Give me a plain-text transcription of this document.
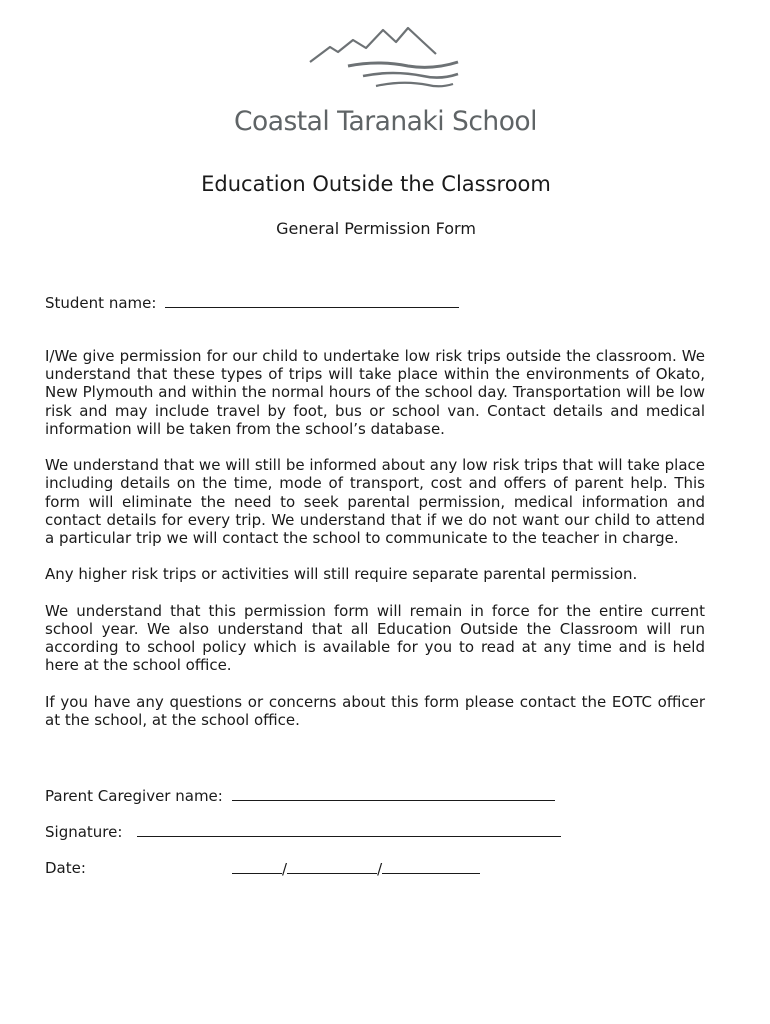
Coastal Taranaki School
Education Outside the Classroom
General Permission Form
Student name:

I/We give permission for our child to undertake low risk trips outside the classroom. We understand that these types of trips will take place within the environments of Okato, New Plymouth and within the normal hours of the school day. Transportation will be low risk and may include travel by foot, bus or school van. Contact details and medical information will be taken from the school’s database.

We understand that we will still be informed about any low risk trips that will take place including details on the time, mode of transport, cost and offers of parent help. This form will eliminate the need to seek parental permission, medical information and contact details for every trip. We understand that if we do not want our child to attend a particular trip we will contact the school to communicate to the teacher in charge.

Any higher risk trips or activities will still require separate parental permission.

We understand that this permission form will remain in force for the entire current school year. We also understand that all Education Outside the Classroom will run according to school policy which is available for you to read at any time and is held here at the school office.

If you have any questions or concerns about this form please contact the EOTC officer at the school, at the school office.

Parent Caregiver name:
Signature:
Date:	/	/
